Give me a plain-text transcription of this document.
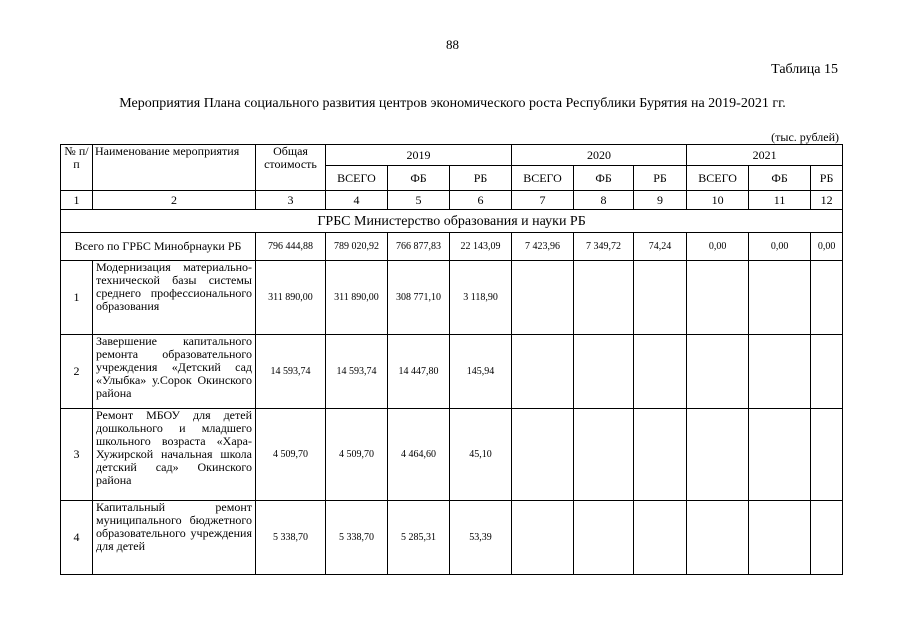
88
Таблица 15
Мероприятия Плана социального развития центров экономического роста Республики Бурятия на 2019-2021 гг.
(тыс. рублей)
№ п/п	Наименование мероприятия	Общая стоимость	2019			2020			2021		
			ВСЕГО	ФБ	РБ	ВСЕГО	ФБ	РБ	ВСЕГО	ФБ	РБ
1	2	3	4	5	6	7	8	9	10	11	12
ГРБС Министерство образования и науки РБ											
Всего по ГРБС Минобрнауки РБ		796 444,88	789 020,92	766 877,83	22 143,09	7 423,96	7 349,72	74,24	0,00	0,00	0,00
1	Модернизация материально-технической базы системы среднего профессионального образования	311 890,00	311 890,00	308 771,10	3 118,90						
2	Завершение капитального ремонта образовательного учреждения «Детский сад «Улыбка» у.Сорок Окинского района	14 593,74	14 593,74	14 447,80	145,94						
3	Ремонт МБОУ для детей дошкольного и младшего школьного возраста «Хара-Хужирской начальная школа детский сад» Окинского района	4 509,70	4 509,70	4 464,60	45,10						
4	Капитальный ремонт муниципального бюджетного образовательного учреждения для детей	5 338,70	5 338,70	5 285,31	53,39						
